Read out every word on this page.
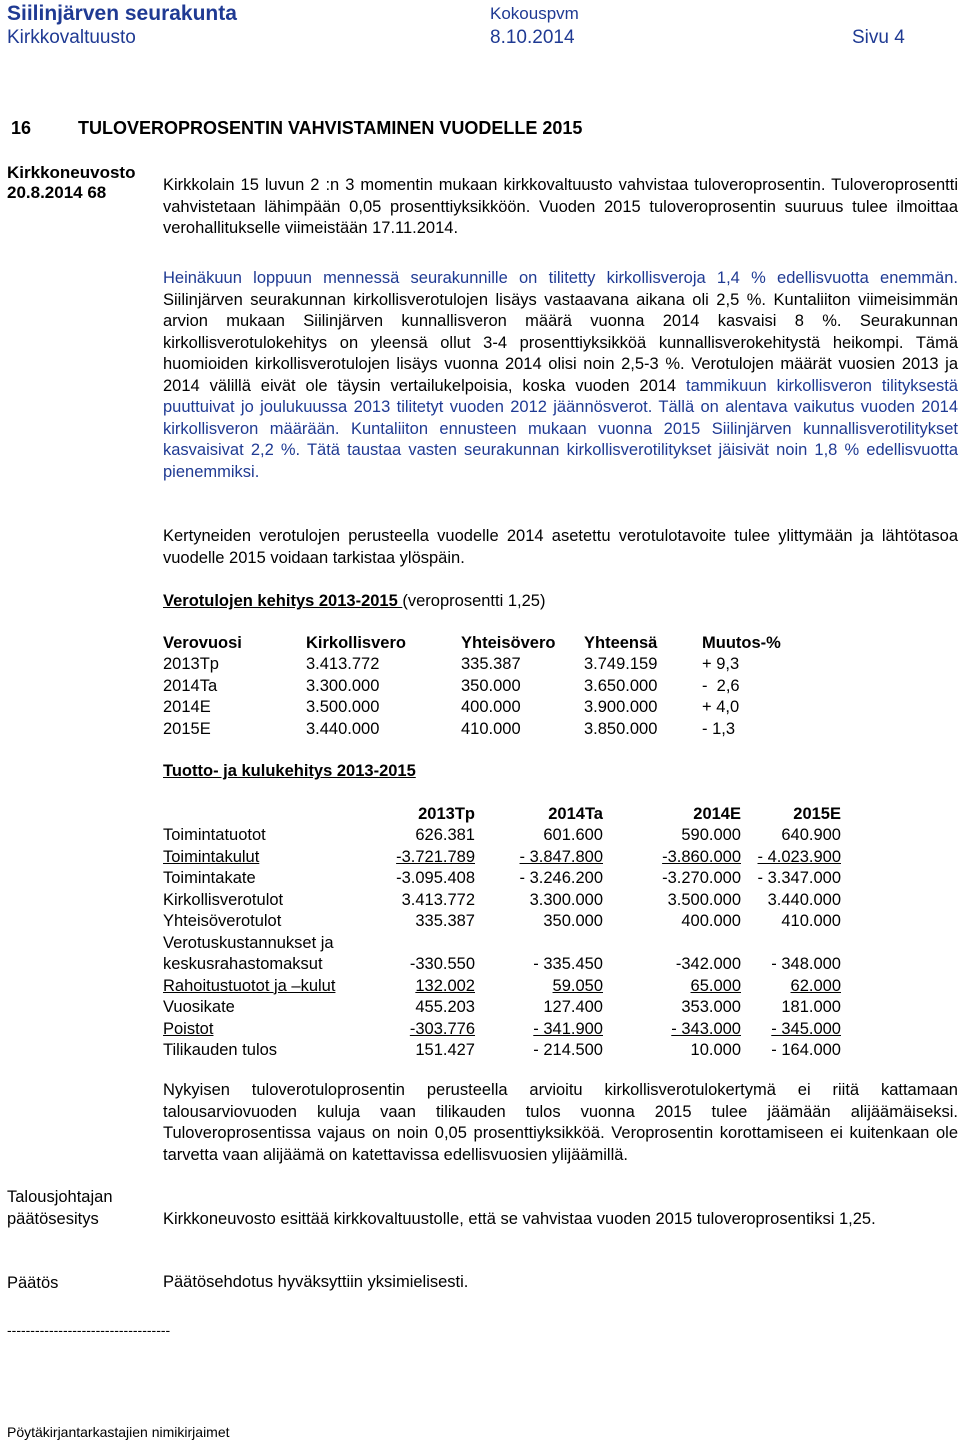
Siilinjärven seurakunta
Kirkkovaltuusto
Kokouspvm
8.10.2014	Sivu 4
16	TULOVEROPROSENTIN VAHVISTAMINEN VUODELLE 2015
Kirkkoneuvosto
20.8.2014 68	Kirkkolain 15 luvun 2 :n 3 momentin mukaan kirkkovaltuusto vahvistaa tuloveroprosentin. Tuloveroprosentti vahvistetaan lähimpään 0,05 prosenttiyksikköön. Vuoden 2015 tuloveroprosentin suuruus tulee ilmoittaa verohallitukselle viimeistään 17.11.2014.

Heinäkuun loppuun mennessä seurakunnille on tilitetty kirkollisveroja 1,4 % edellisvuotta enemmän. Siilinjärven seurakunnan kirkollisverotulojen lisäys vastaavana aikana oli 2,5 %. Kuntaliiton viimeisimmän arvion mukaan Siilinjärven kunnallisveron määrä vuonna 2014 kasvaisi 8 %. Seurakunnan kirkollisverotulokehitys on yleensä ollut 3-4 prosenttiyksikköä kunnallisverokehitystä heikompi. Tämä huomioiden kirkollisverotulojen lisäys vuonna 2014 olisi noin 2,5-3 %. Verotulojen määrät vuosien 2013 ja 2014 välillä eivät ole täysin vertailukelpoisia, koska vuoden 2014 tammikuun kirkollisveron tilityksestä puuttuivat jo joulukuussa 2013 tilitetyt vuoden 2012 jäännösverot. Tällä on alentava vaikutus vuoden 2014 kirkollisveron määrään. Kuntaliiton ennusteen mukaan vuonna 2015 Siilinjärven kunnallisverotilitykset kasvaisivat 2,2 %. Tätä taustaa vasten seurakunnan kirkollisverotilitykset jäisivät noin 1,8 % edellisvuotta pienemmiksi.

Kertyneiden verotulojen perusteella vuodelle 2014 asetettu verotulotavoite tulee ylittymään ja lähtötasoa vuodelle 2015 voidaan tarkistaa ylöspäin.

Verotulojen kehitys 2013-2015 (veroprosentti 1,25)
Verovuosi	Kirkollisvero	Yhteisövero	Yhteensä	Muutos-%
2013Tp	3.413.772	335.387	3.749.159	+ 9,3
2014Ta	3.300.000	350.000	3.650.000	-  2,6
2014E	3.500.000	400.000	3.900.000	+ 4,0
2015E	3.440.000	410.000	3.850.000	- 1,3
Tuotto- ja kulukehitys 2013-2015
	2013Tp	2014Ta	2014E	2015E
Toimintatuotot	626.381	601.600	590.000	640.900
Toimintakulut	-3.721.789	- 3.847.800	-3.860.000	- 4.023.900
Toimintakate	-3.095.408	- 3.246.200	-3.270.000	- 3.347.000
Kirkollisverotulot	3.413.772	3.300.000	3.500.000	3.440.000
Yhteisöverotulot	335.387	350.000	400.000	410.000
Verotuskustannukset ja				
keskusrahastomaksut	-330.550	- 335.450	-342.000	- 348.000
Rahoitustuotot ja –kulut	132.002	59.050	65.000	62.000
Vuosikate	455.203	127.400	353.000	181.000
Poistot	-303.776	- 341.900	- 343.000	- 345.000
Tilikauden tulos	151.427	- 214.500	10.000	- 164.000

Nykyisen tuloverotuloprosentin perusteella arvioitu kirkollisverotulokertymä ei riitä kattamaan talousarviovuoden kuluja vaan tilikauden tulos vuonna 2015 tulee jäämään alijäämäiseksi. Tuloveroprosentissa vajaus on noin 0,05 prosenttiyksikköä. Veroprosentin korottamiseen ei kuitenkaan ole tarvetta vaan alijäämä on katettavissa edellisvuosien ylijäämillä.

Talousjohtajan
päätösesitys	Kirkkoneuvosto esittää kirkkovaltuustolle, että se vahvistaa vuoden 2015 tuloveroprosentiksi 1,25.

Päätös	Päätösehdotus hyväksyttiin yksimielisesti.
-----------------------------------
Pöytäkirjantarkastajien nimikirjaimet
